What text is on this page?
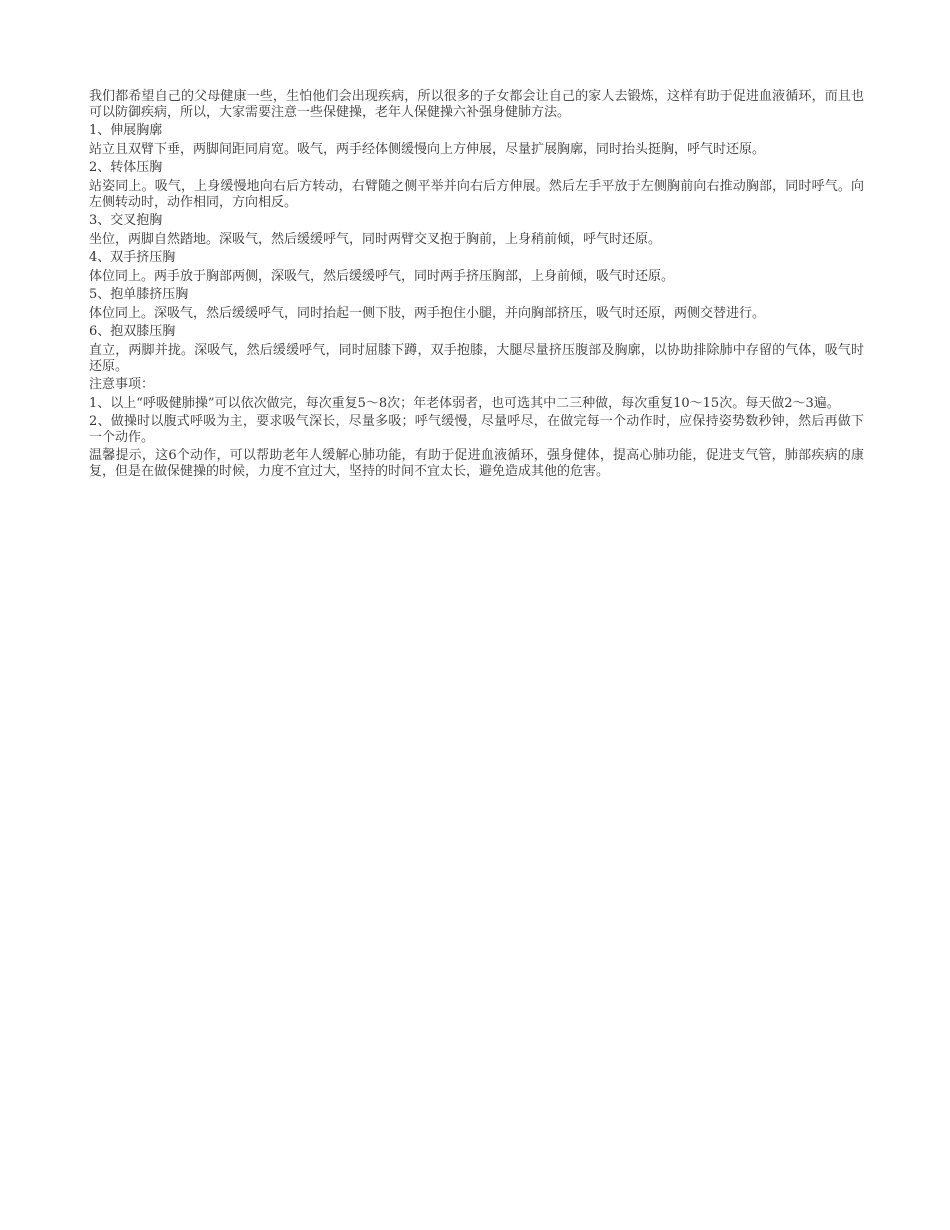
我们都希望自己的父母健康一些，生怕他们会出现疾病，所以很多的子女都会让自己的家人去锻炼，这样有助于促进血液循环，而且也可以防御疾病，所以，大家需要注意一些保健操，老年人保健操六补强身健肺方法。

1、伸展胸廓

站立且双臂下垂，两脚间距同肩宽。吸气，两手经体侧缓慢向上方伸展，尽量扩展胸廓，同时抬头挺胸，呼气时还原。

2、转体压胸

站姿同上。吸气，上身缓慢地向右后方转动，右臂随之侧平举并向右后方伸展。然后左手平放于左侧胸前向右推动胸部，同时呼气。向左侧转动时，动作相同，方向相反。

3、交叉抱胸

坐位，两脚自然踏地。深吸气，然后缓缓呼气，同时两臂交叉抱于胸前，上身稍前倾，呼气时还原。

4、双手挤压胸

体位同上。两手放于胸部两侧，深吸气，然后缓缓呼气，同时两手挤压胸部，上身前倾，吸气时还原。

5、抱单膝挤压胸

体位同上。深吸气，然后缓缓呼气，同时抬起一侧下肢，两手抱住小腿，并向胸部挤压，吸气时还原，两侧交替进行。

6、抱双膝压胸

直立，两脚并拢。深吸气，然后缓缓呼气，同时屈膝下蹲，双手抱膝，大腿尽量挤压腹部及胸廓，以协助排除肺中存留的气体，吸气时还原。

注意事项：

1、以上“呼吸健肺操”可以依次做完，每次重复5～8次；年老体弱者，也可选其中二三种做，每次重复10～15次。每天做2～3遍。

2、做操时以腹式呼吸为主，要求吸气深长，尽量多吸；呼气缓慢，尽量呼尽，在做完每一个动作时，应保持姿势数秒钟，然后再做下一个动作。

温馨提示，这6个动作，可以帮助老年人缓解心肺功能，有助于促进血液循环，强身健体，提高心肺功能，促进支气管，肺部疾病的康复，但是在做保健操的时候，力度不宜过大，坚持的时间不宜太长，避免造成其他的危害。
